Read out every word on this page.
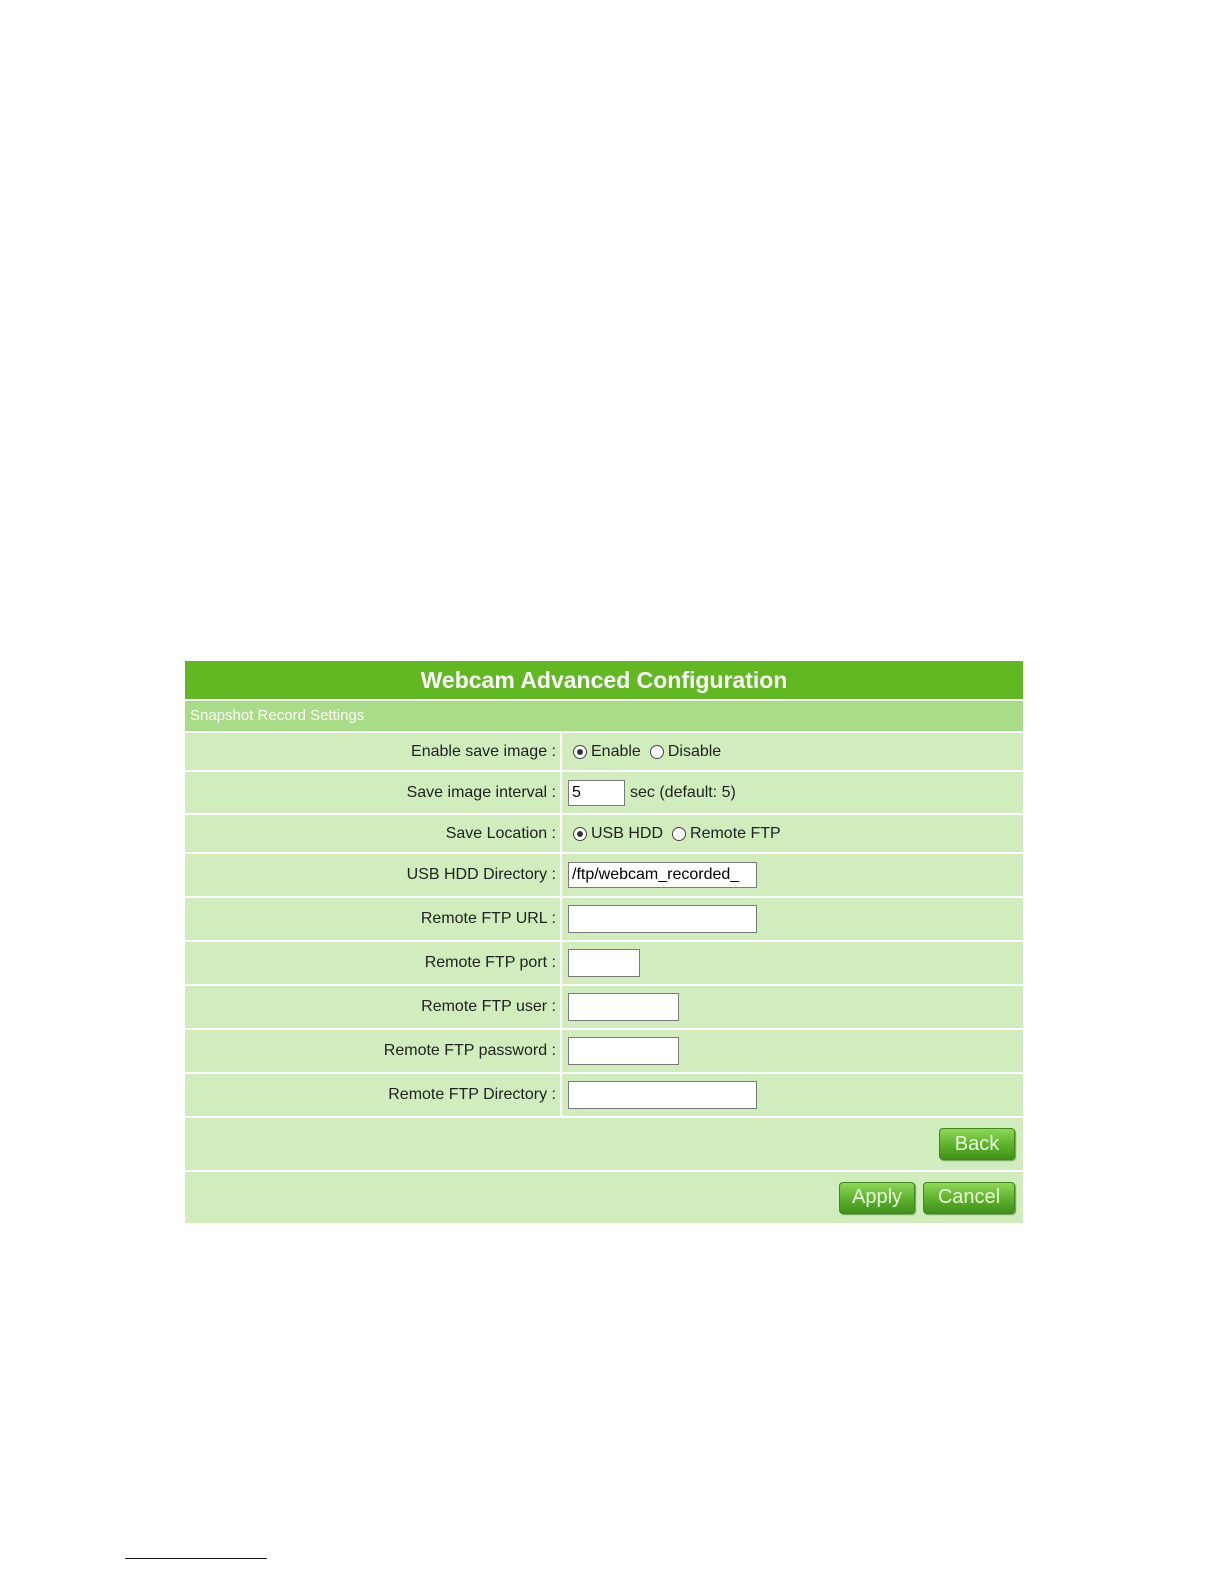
Webcam Advanced Configuration
Snapshot Record Settings
Enable save image :	Enable Disable
Save image interval :
5	sec (default: 5)
Save Location :	USB HDD Remote FTP
USB HDD Directory :
/ftp/webcam_recorded_
Remote FTP URL :
Remote FTP port :
Remote FTP user :
Remote FTP password :
Remote FTP Directory :
Back
Apply	Cancel
